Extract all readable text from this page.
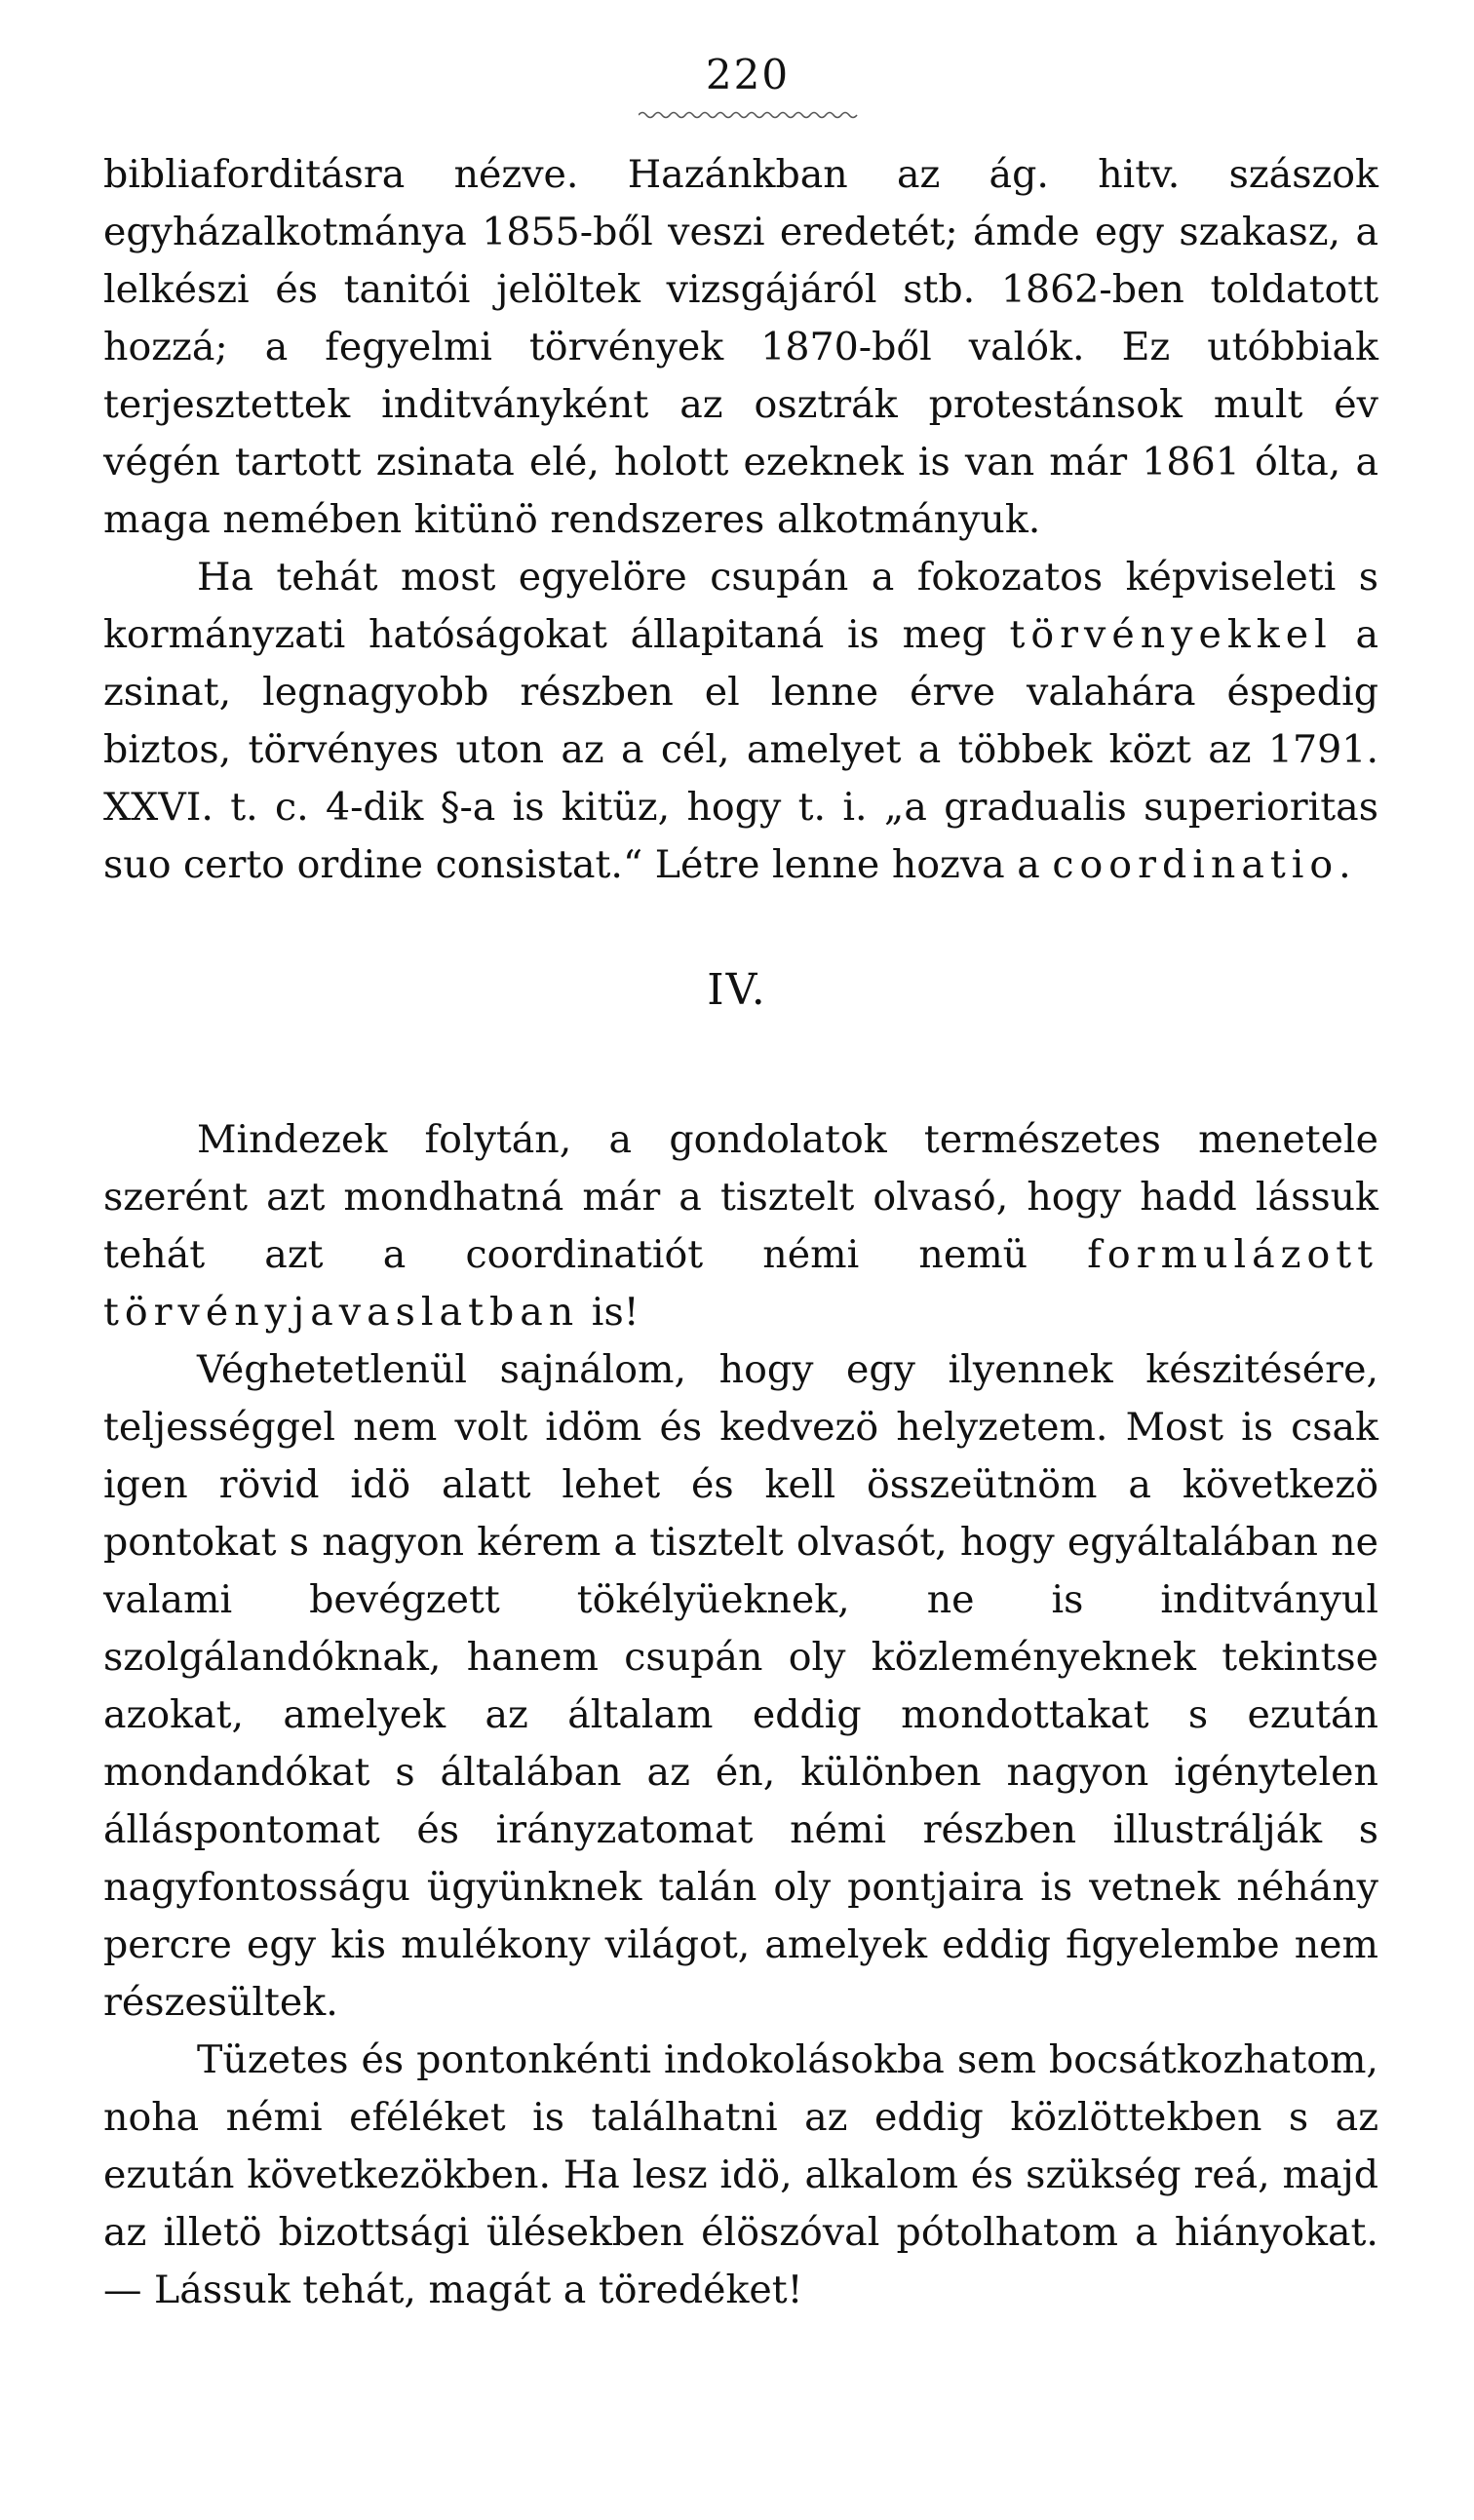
220

bibliaforditásra nézve. Hazánkban az ág. hitv. szászok egyházalkotmánya 1855-ből veszi eredetét; ámde egy szakasz, a lelkészi és tanitói jelöltek vizsgájáról stb. 1862-ben toldatott hozzá; a fegyelmi törvények 1870-ből valók. Ez utóbbiak terjesztettek inditványként az osztrák protestánsok mult év végén tartott zsinata elé, holott ezeknek is van már 1861 ólta, a maga nemében kitünö rendszeres alkotmányuk.

Ha tehát most egyelöre csupán a fokozatos képviseleti s kormányzati hatóságokat állapitaná is meg törvényekkel a zsinat, legnagyobb részben el lenne érve valahára éspedig biztos, törvényes uton az a cél, amelyet a többek közt az 1791. XXVI. t. c. 4-dik §-a is kitüz, hogy t. i. „a gradualis superioritas suo certo ordine consistat.“ Létre lenne hozva a coordinatio.

IV.

Mindezek folytán, a gondolatok természetes menetele szerént azt mondhatná már a tisztelt olvasó, hogy hadd lássuk tehát azt a coordinatiót némi nemü formulázott törvényjavaslatban is!

Véghetetlenül sajnálom, hogy egy ilyennek készitésére, teljességgel nem volt idöm és kedvezö helyzetem. Most is csak igen rövid idö alatt lehet és kell összeütnöm a következö pontokat s nagyon kérem a tisztelt olvasót, hogy egyáltalában ne valami bevégzett tökélyüeknek, ne is inditványul szolgálandóknak, hanem csupán oly közleményeknek tekintse azokat, amelyek az általam eddig mondottakat s ezután mondandókat s általában az én, különben nagyon igénytelen álláspontomat és irányzatomat némi részben illustrálják s nagyfontosságu ügyünknek talán oly pontjaira is vetnek néhány percre egy kis mulékony világot, amelyek eddig figyelembe nem részesültek.

Tüzetes és pontonkénti indokolásokba sem bocsátkozhatom, noha némi eféléket is találhatni az eddig közlöttekben s az ezután következökben. Ha lesz idö, alkalom és szükség reá, majd az illetö bizottsági ülésekben élöszóval pótolhatom a hiányokat. — Lássuk tehát, magát a töredéket!
